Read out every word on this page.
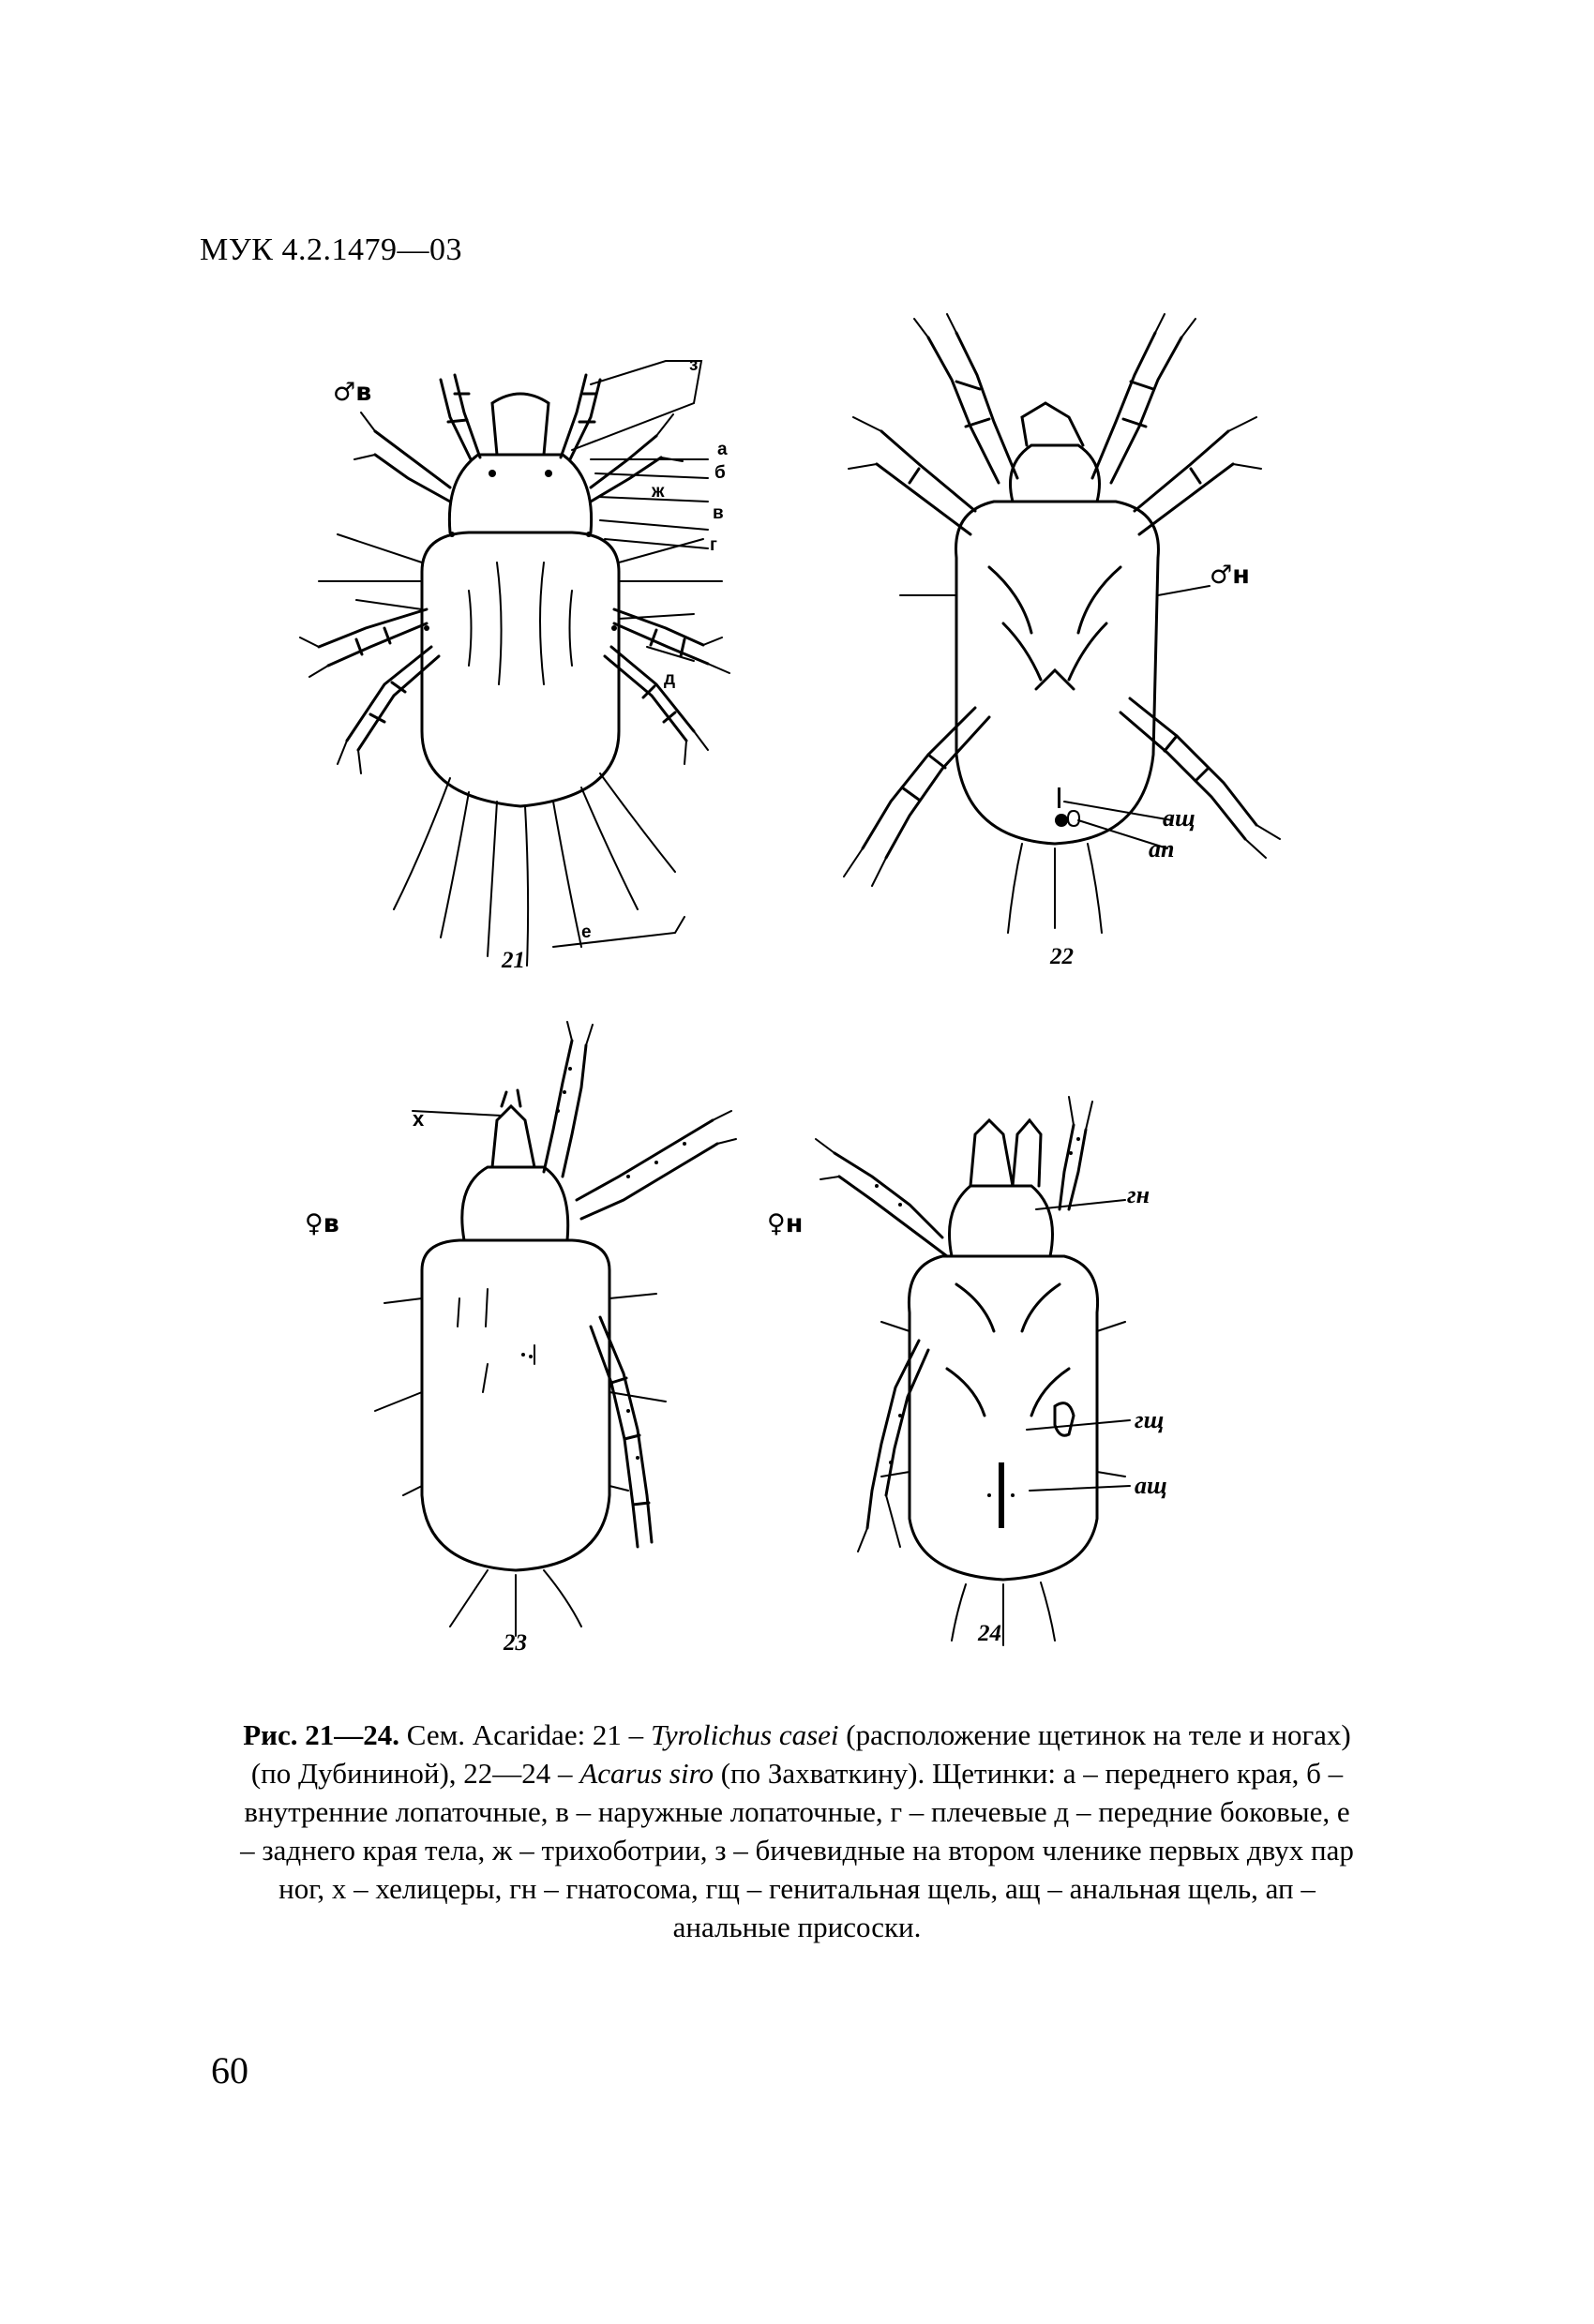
МУК 4.2.1479—03
♂в
з
а
б
ж
в
г
д
е
21
♂н
ащ
ап
22
♀в
х
23
♀н
гн
гщ
ащ
24
Рис. 21—24. Сем. Acaridae: 21 – Tyrolichus casei (расположение щетинок на теле и ногах) (по Дубининой), 22—24 – Acarus siro (по Захваткину). Щетинки: а – переднего края, б – внутренние лопаточные, в – наружные лопаточные, г – плечевые д – передние боковые, е – заднего края тела, ж – трихоботрии, з – бичевидные на втором членике первых двух пар ног, х – хелицеры, гн – гнатосома, гщ – генитальная щель, ащ – анальная щель, ап – анальные присоски.
60
